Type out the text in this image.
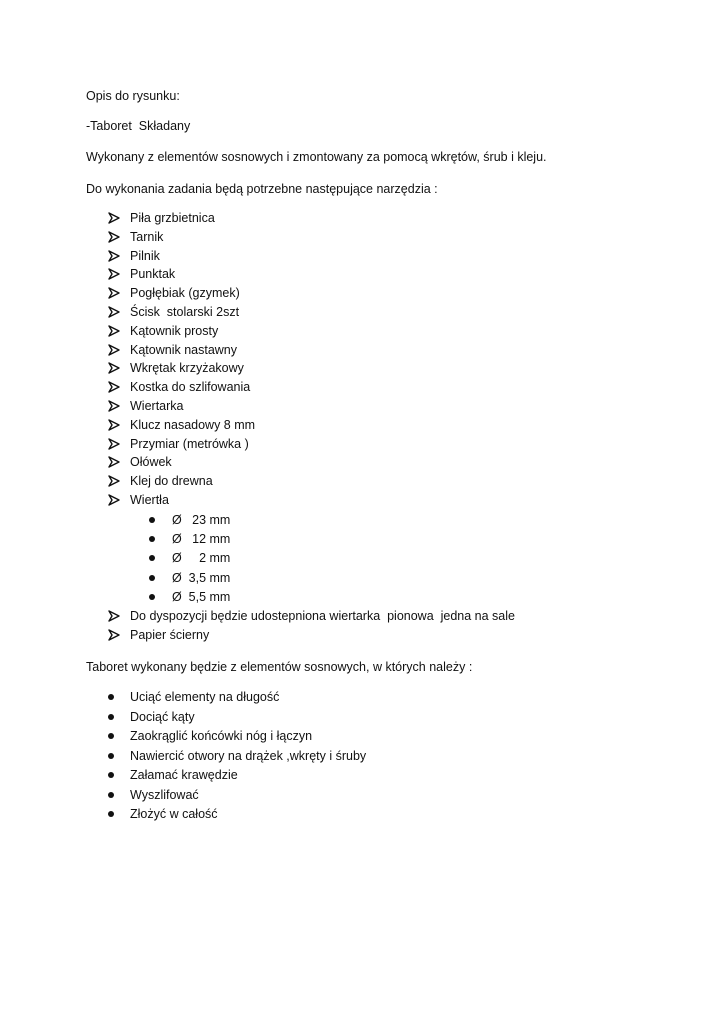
Opis do rysunku:

-Taboret  Składany

Wykonany z elementów sosnowych i zmontowany za pomocą wkrętów, śrub i kleju.

Do wykonania zadania będą potrzebne następujące narzędzia :

Piła grzbietnica
Tarnik
Pilnik
Punktak
Pogłębiak (gzymek)
Ścisk  stolarski 2szt
Kątownik prosty
Kątownik nastawny
Wkrętak krzyżakowy
Kostka do szlifowania
Wiertarka
Klucz nasadowy 8 mm
Przymiar (metrówka )
Ołówek
Klej do drewna
Wiertła
Ø   23 mm
Ø   12 mm
Ø     2 mm
Ø  3,5 mm
Ø  5,5 mm
Do dyspozycji będzie udostepniona wiertarka  pionowa  jedna na sale
Papier ścierny

Taboret wykonany będzie z elementów sosnowych, w których należy :

Uciąć elementy na długość
Dociąć kąty
Zaokrąglić końcówki nóg i łączyn
Nawiercić otwory na drążek ,wkręty i śruby
Załamać krawędzie
Wyszlifować
Złożyć w całość
